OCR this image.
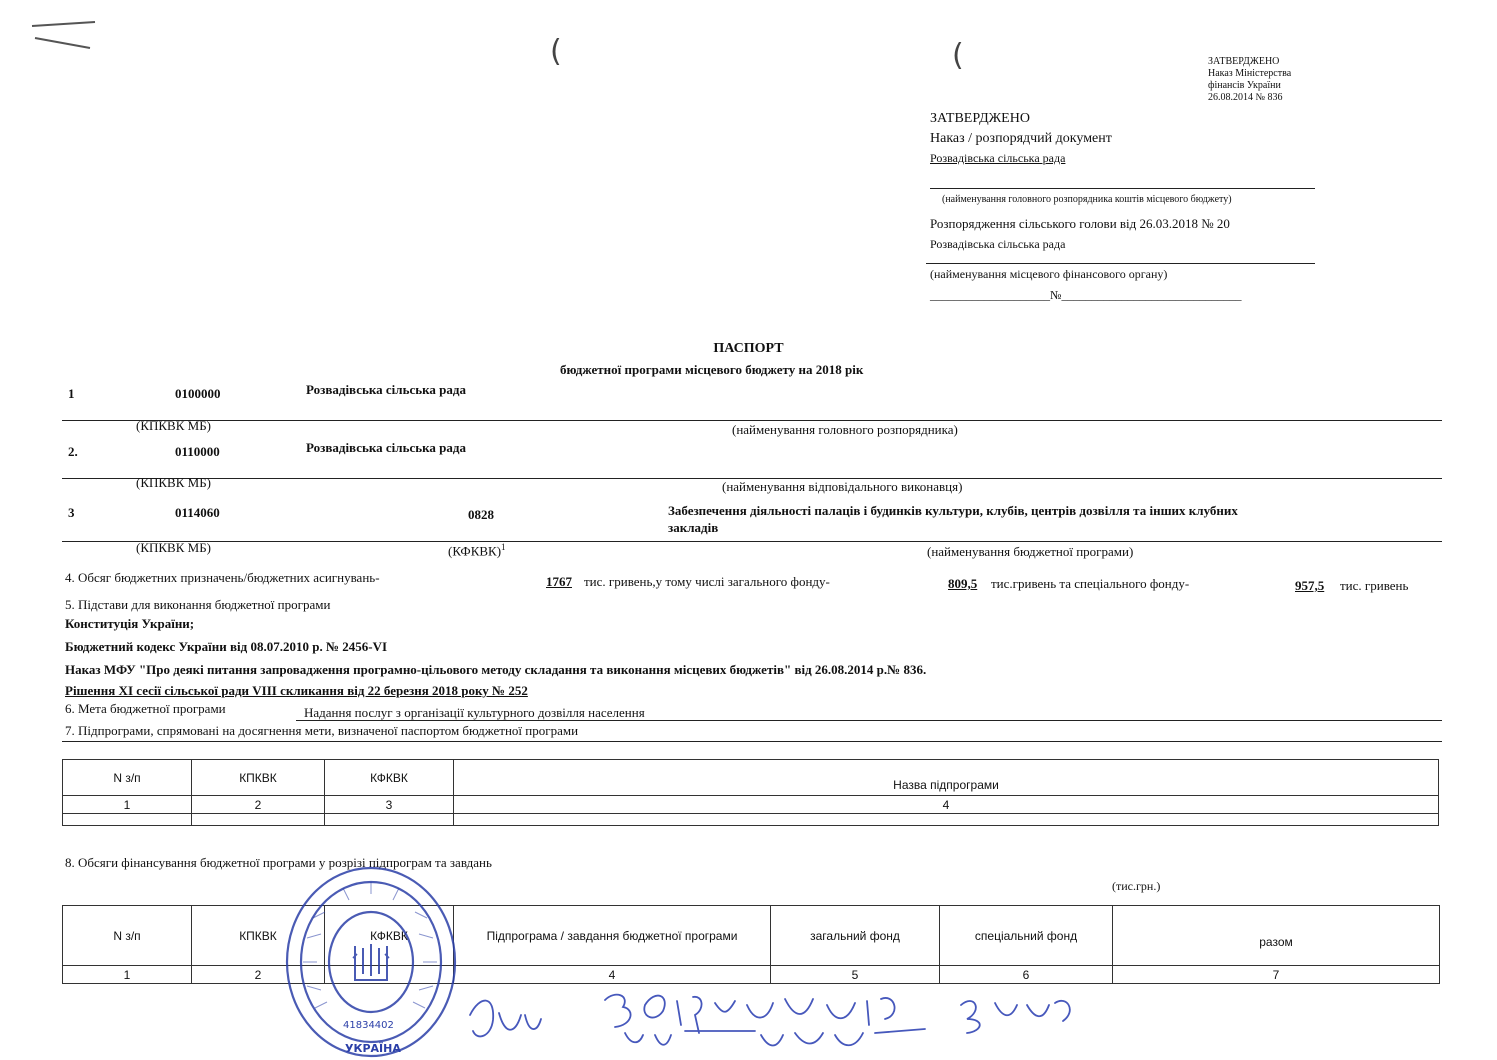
(	(	ЗАТВЕРДЖЕНО
Наказ Міністерства
фінансів України
26.08.2014 № 836
ЗАТВЕРДЖЕНО
Наказ / розпорядчий документ
Розвадівська сільська рада
(найменування головного розпорядника коштів місцевого бюджету)
Розпорядження сільського голови від 26.03.2018 № 20
Розвадівська сільська рада
(найменування місцевого фінансового органу)
____________________№______________________________
ПАСПОРТ
бюджетної програми місцевого бюджету на 2018 рік
1	0100000	Розвадівська сільська рада
(КПКВК МБ)	(найменування головного розпорядника)
2.	0110000	Розвадівська сільська рада
(КПКВК МБ)	(найменування відповідального виконавця)
3	0114060	0828	Забезпечення діяльності палаців і будинків культури, клубів, центрів дозвілля та інших клубних
закладів
(КПКВК МБ)	(КФКВК)$^1$	(найменування бюджетної програми)
4. Обсяг бюджетних призначень/бюджетних асигнувань-	1767 тис. гривень,у тому числі загального фонду-	809,5 тис.гривень та спеціального фонду-	957,5 тис. гривень
5. Підстави для виконання бюджетної програми
Конституція України;
Бюджетний кодекс України від 08.07.2010 р. № 2456-VI
Наказ МФУ "Про деякі питання запровадження програмно-цільового методу складання та виконання місцевих бюджетів" від 26.08.2014 р.№ 836.
Рішення ХІ сесії сільської ради VІІІ скликання від 22 березня 2018 року № 252
6. Мета бюджетної програми	Надання послуг з організації культурного дозвілля населення
7. Підпрограми, спрямовані на досягнення мети, визначеної паспортом бюджетної програми
N з/п	КПКВК	КФКВК	Назва підпрограми
1	2	3	4

8. Обсяги фінансування бюджетної програми у розрізі підпрограм та завдань
(тис.грн.)
N з/п	КПКВК	КФКВК	Підпрограма / завдання бюджетної програми	загальний фонд	спеціальний фонд	разом
1	2		4	5	6	7
41834402
УКРАЇНА
